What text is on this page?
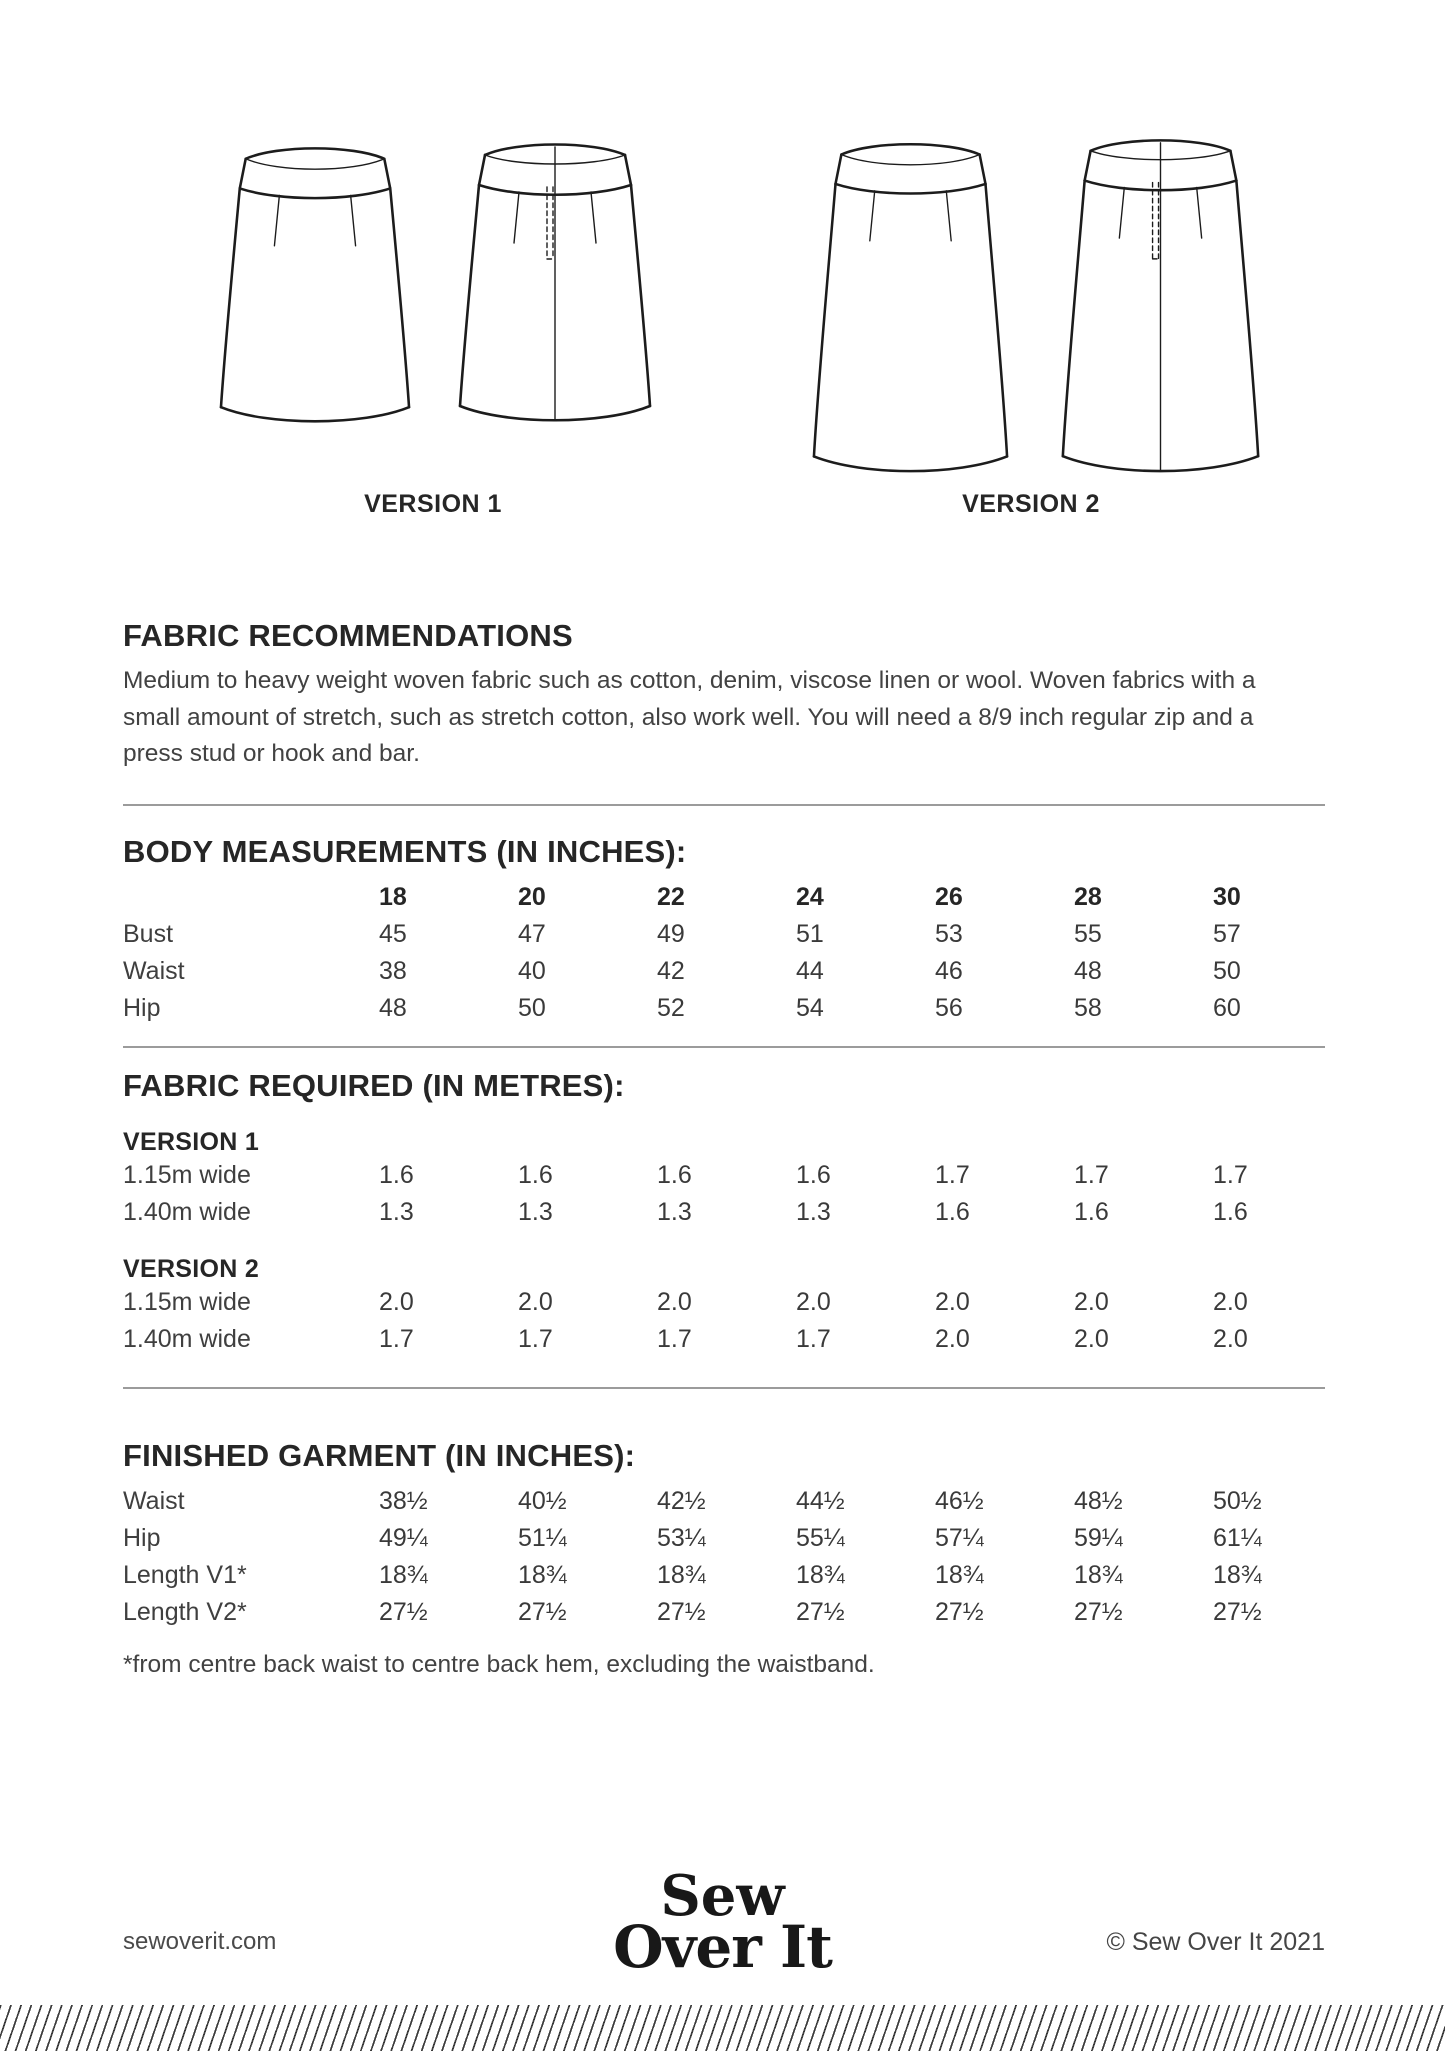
VERSION 1	VERSION 2
FABRIC RECOMMENDATIONS
Medium to heavy weight woven fabric such as cotton, denim, viscose linen or wool. Woven fabrics with a small amount of stretch, such as stretch cotton, also work well. You will need a 8/9 inch regular zip and a press stud or hook and bar.
BODY MEASUREMENTS (IN INCHES):
18	20	22	24	26	28	30
Bust	45	47	49	51	53	55	57
Waist	38	40	42	44	46	48	50
Hip	48	50	52	54	56	58	60
FABRIC REQUIRED (IN METRES):
VERSION 1
1.15m wide	1.6	1.6	1.6	1.6	1.7	1.7	1.7
1.40m wide	1.3	1.3	1.3	1.3	1.6	1.6	1.6
VERSION 2
1.15m wide	2.0	2.0	2.0	2.0	2.0	2.0	2.0
1.40m wide	1.7	1.7	1.7	1.7	2.0	2.0	2.0
FINISHED GARMENT (IN INCHES):
Waist	38½	40½	42½	44½	46½	48½	50½
Hip	49¼	51¼	53¼	55¼	57¼	59¼	61¼
Length V1*	18¾	18¾	18¾	18¾	18¾	18¾	18¾
Length V2*	27½	27½	27½	27½	27½	27½	27½
*from centre back waist to centre back hem, excluding the waistband.
sewoverit.com
Sew
Over It	© Sew Over It 2021
